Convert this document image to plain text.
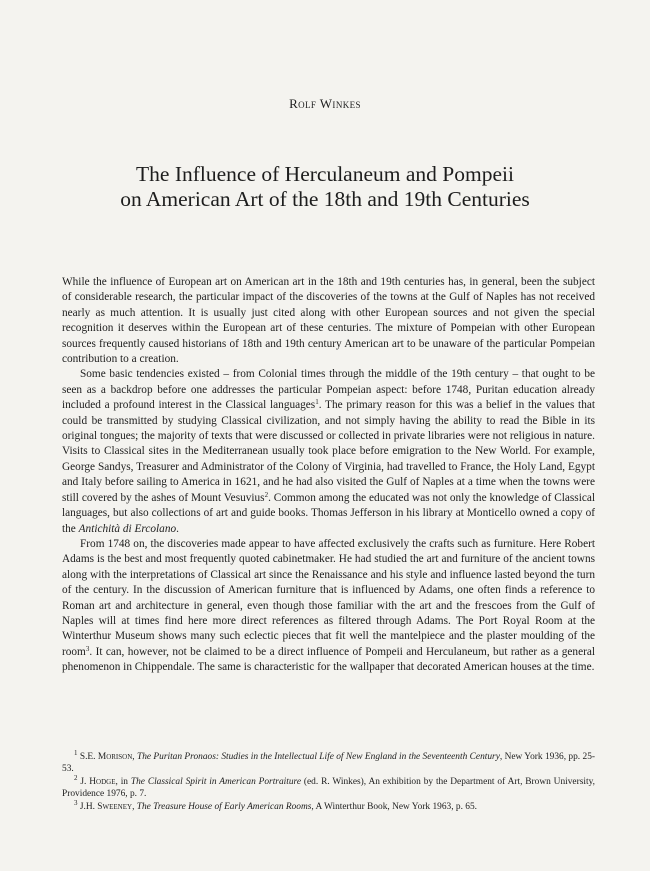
Rolf Winkes
The Influence of Herculaneum and Pompeii
on American Art of the 18th and 19th Centuries

While the influence of European art on American art in the 18th and 19th centuries has, in general, been the subject of considerable research, the particular impact of the discoveries of the towns at the Gulf of Naples has not received nearly as much attention. It is usually just cited along with other European sources and not given the special recognition it deserves within the European art of these centuries. The mixture of Pompeian with other European sources frequently caused historians of 18th and 19th century American art to be unaware of the particular Pompeian contribution to a creation.

Some basic tendencies existed – from Colonial times through the middle of the 19th century – that ought to be seen as a backdrop before one addresses the particular Pompeian aspect: before 1748, Puritan education already included a profound interest in the Classical languages$^1$. The primary reason for this was a belief in the values that could be transmitted by studying Classical civilization, and not simply having the ability to read the Bible in its original tongues; the majority of texts that were discussed or collected in private libraries were not religious in nature. Visits to Classical sites in the Mediterranean usually took place before emigration to the New World. For example, George Sandys, Treasurer and Administrator of the Colony of Virginia, had travelled to France, the Holy Land, Egypt and Italy before sailing to America in 1621, and he had also visited the Gulf of Naples at a time when the towns were still covered by the ashes of Mount Vesuvius$^2$. Common among the educated was not only the knowledge of Classical languages, but also collections of art and guide books. Thomas Jefferson in his library at Monticello owned a copy of the Antichità di Ercolano.

From 1748 on, the discoveries made appear to have affected exclusively the crafts such as furniture. Here Robert Adams is the best and most frequently quoted cabinetmaker. He had studied the art and furniture of the ancient towns along with the interpretations of Classical art since the Renaissance and his style and influence lasted beyond the turn of the century. In the discussion of American furniture that is influenced by Adams, one often finds a reference to Roman art and architecture in general, even though those familiar with the art and the frescoes from the Gulf of Naples will at times find here more direct references as filtered through Adams. The Port Royal Room at the Winterthur Museum shows many such eclectic pieces that fit well the mantelpiece and the plaster moulding of the room$^3$. It can, however, not be claimed to be a direct influence of Pompeii and Herculaneum, but rather as a general phenomenon in Chippendale. The same is characteristic for the wallpaper that decorated American houses at the time.

$^1$ S.E. Morison, The Puritan Pronaos: Studies in the Intellectual Life of New England in the Seventeenth Century, New York 1936, pp. 25-53.

$^2$ J. Hodge, in The Classical Spirit in American Portraiture (ed. R. Winkes), An exhibition by the Department of Art, Brown University, Providence 1976, p. 7.

$^3$ J.H. Sweeney, The Treasure House of Early American Rooms, A Winterthur Book, New York 1963, p. 65.
